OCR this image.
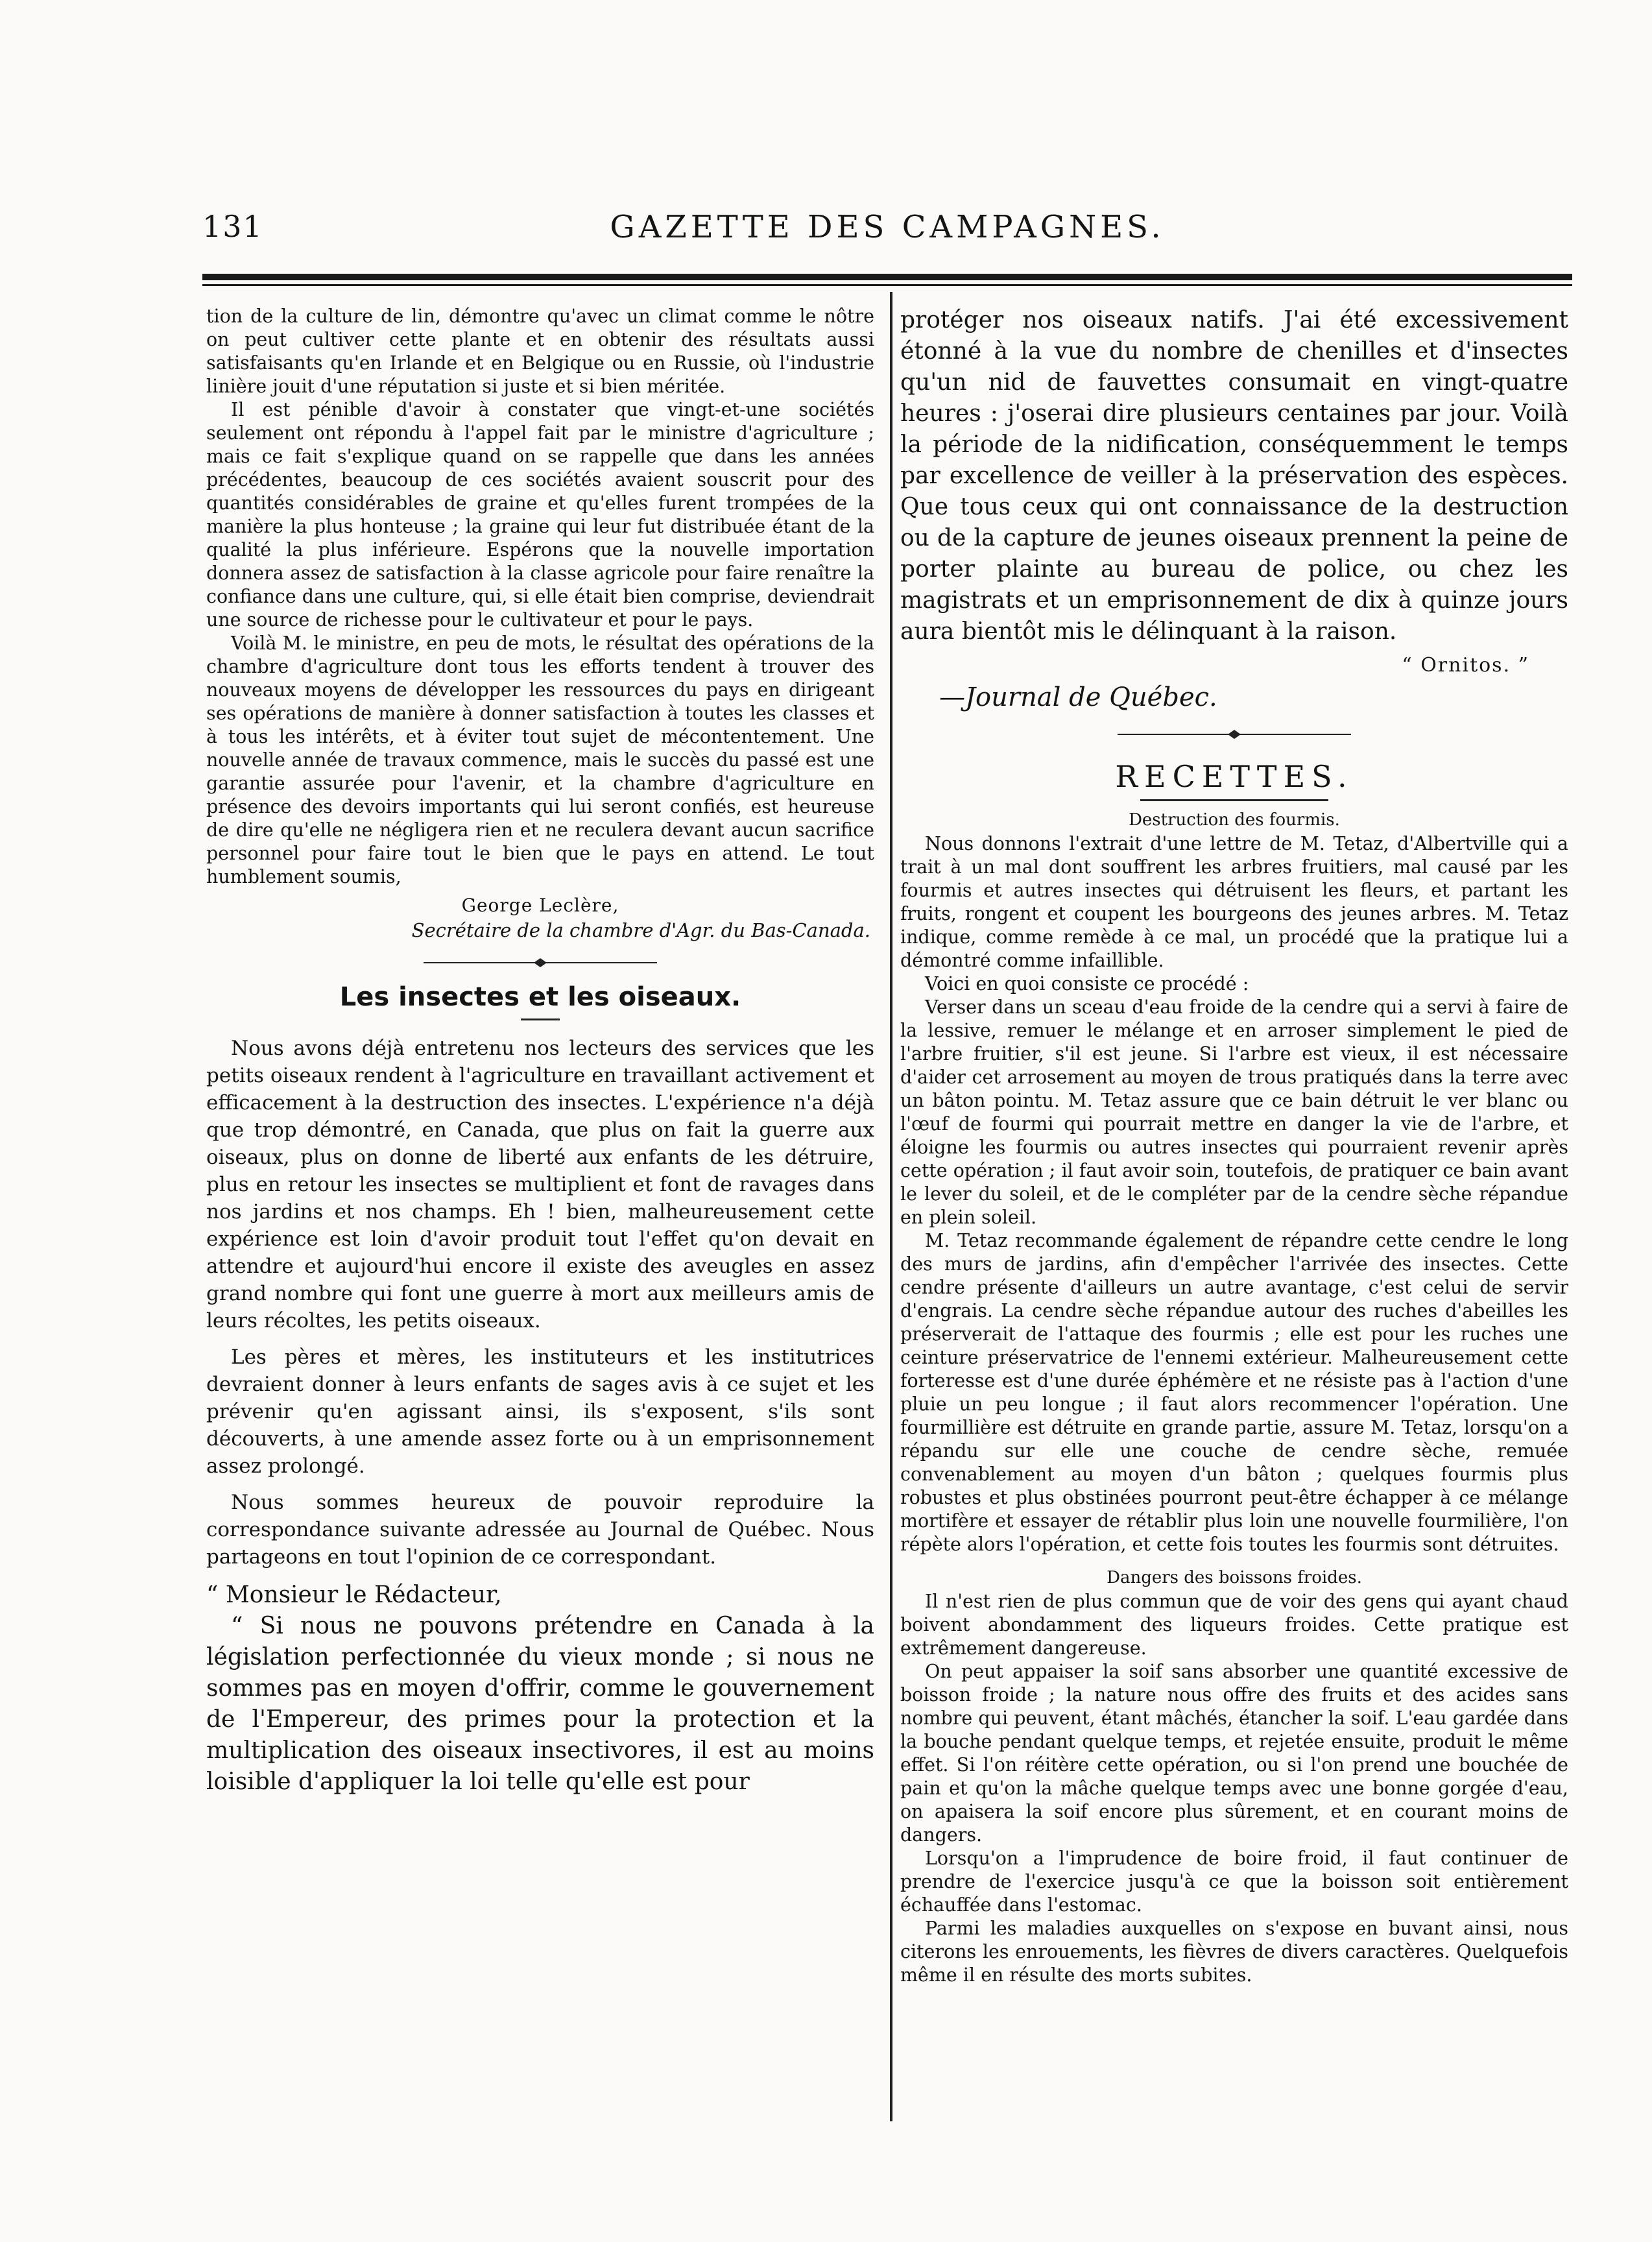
131	GAZETTE DES CAMPAGNES.

tion de la culture de lin, démontre qu'avec un climat comme le nôtre on peut cultiver cette plante et en obtenir des résultats aussi satisfaisants qu'en Irlande et en Belgique ou en Russie, où l'industrie linière jouit d'une réputation si juste et si bien méritée.

Il est pénible d'avoir à constater que vingt-et-une sociétés seulement ont répondu à l'appel fait par le ministre d'agriculture ; mais ce fait s'explique quand on se rappelle que dans les années précédentes, beaucoup de ces sociétés avaient souscrit pour des quantités considérables de graine et qu'elles furent trompées de la manière la plus honteuse ; la graine qui leur fut distribuée étant de la qualité la plus inférieure. Espérons que la nouvelle importation donnera assez de satisfaction à la classe agricole pour faire renaître la confiance dans une culture, qui, si elle était bien comprise, deviendrait une source de richesse pour le cultivateur et pour le pays.

Voilà M. le ministre, en peu de mots, le résultat des opérations de la chambre d'agriculture dont tous les efforts tendent à trouver des nouveaux moyens de développer les ressources du pays en dirigeant ses opérations de manière à donner satisfaction à toutes les classes et à tous les intérêts, et à éviter tout sujet de mécontentement. Une nouvelle année de travaux commence, mais le succès du passé est une garantie assurée pour l'avenir, et la chambre d'agriculture en présence des devoirs importants qui lui seront confiés, est heureuse de dire qu'elle ne négligera rien et ne reculera devant aucun sacrifice personnel pour faire tout le bien que le pays en attend. Le tout humblement soumis,

George Leclère,
Secrétaire de la chambre d'Agr. du Bas-Canada.
Les insectes et les oiseaux.

Nous avons déjà entretenu nos lecteurs des services que les petits oiseaux rendent à l'agriculture en travaillant activement et efficacement à la destruction des insectes. L'expérience n'a déjà que trop démontré, en Canada, que plus on fait la guerre aux oiseaux, plus on donne de liberté aux enfants de les détruire, plus en retour les insectes se multiplient et font de ravages dans nos jardins et nos champs. Eh ! bien, malheureusement cette expérience est loin d'avoir produit tout l'effet qu'on devait en attendre et aujourd'hui encore il existe des aveugles en assez grand nombre qui font une guerre à mort aux meilleurs amis de leurs récoltes, les petits oiseaux.

Les pères et mères, les instituteurs et les institutrices devraient donner à leurs enfants de sages avis à ce sujet et les prévenir qu'en agissant ainsi, ils s'exposent, s'ils sont découverts, à une amende assez forte ou à un emprisonnement assez prolongé.

Nous sommes heureux de pouvoir reproduire la correspondance suivante adressée au Journal de Québec. Nous partageons en tout l'opinion de ce correspondant.

“ Monsieur le Rédacteur,

“ Si nous ne pouvons prétendre en Canada à la législation perfectionnée du vieux monde ; si nous ne sommes pas en moyen d'offrir, comme le gouvernement de l'Empereur, des primes pour la protection et la multiplication des oiseaux insectivores, il est au moins loisible d'appliquer la loi telle qu'elle est pour

protéger nos oiseaux natifs. J'ai été excessivement étonné à la vue du nombre de chenilles et d'insectes qu'un nid de fauvettes consumait en vingt-quatre heures : j'oserai dire plusieurs centaines par jour. Voilà la période de la nidification, conséquemment le temps par excellence de veiller à la préservation des espèces. Que tous ceux qui ont connaissance de la destruction ou de la capture de jeunes oiseaux prennent la peine de porter plainte au bureau de police, ou chez les magistrats et un emprisonnement de dix à quinze jours aura bientôt mis le délinquant à la raison.

“ Ornitos. ”
—Journal de Québec.
RECETTES.
Destruction des fourmis.

Nous donnons l'extrait d'une lettre de M. Tetaz, d'Albertville qui a trait à un mal dont souffrent les arbres fruitiers, mal causé par les fourmis et autres insectes qui détruisent les fleurs, et partant les fruits, rongent et coupent les bourgeons des jeunes arbres. M. Tetaz indique, comme remède à ce mal, un procédé que la pratique lui a démontré comme infaillible.

Voici en quoi consiste ce procédé :

Verser dans un sceau d'eau froide de la cendre qui a servi à faire de la lessive, remuer le mélange et en arroser simplement le pied de l'arbre fruitier, s'il est jeune. Si l'arbre est vieux, il est nécessaire d'aider cet arrosement au moyen de trous pratiqués dans la terre avec un bâton pointu. M. Tetaz assure que ce bain détruit le ver blanc ou l'œuf de fourmi qui pourrait mettre en danger la vie de l'arbre, et éloigne les fourmis ou autres insectes qui pourraient revenir après cette opération ; il faut avoir soin, toutefois, de pratiquer ce bain avant le lever du soleil, et de le compléter par de la cendre sèche répandue en plein soleil.

M. Tetaz recommande également de répandre cette cendre le long des murs de jardins, afin d'empêcher l'arrivée des insectes. Cette cendre présente d'ailleurs un autre avantage, c'est celui de servir d'engrais. La cendre sèche répandue autour des ruches d'abeilles les préserverait de l'attaque des fourmis ; elle est pour les ruches une ceinture préservatrice de l'ennemi extérieur. Malheureusement cette forteresse est d'une durée éphémère et ne résiste pas à l'action d'une pluie un peu longue ; il faut alors recommencer l'opération. Une fourmillière est détruite en grande partie, assure M. Tetaz, lorsqu'on a répandu sur elle une couche de cendre sèche, remuée convenablement au moyen d'un bâton ; quelques fourmis plus robustes et plus obstinées pourront peut-être échapper à ce mélange mortifère et essayer de rétablir plus loin une nouvelle fourmilière, l'on répète alors l'opération, et cette fois toutes les fourmis sont détruites.

Dangers des boissons froides.

Il n'est rien de plus commun que de voir des gens qui ayant chaud boivent abondamment des liqueurs froides. Cette pratique est extrêmement dangereuse.

On peut appaiser la soif sans absorber une quantité excessive de boisson froide ; la nature nous offre des fruits et des acides sans nombre qui peuvent, étant mâchés, étancher la soif. L'eau gardée dans la bouche pendant quelque temps, et rejetée ensuite, produit le même effet. Si l'on réitère cette opération, ou si l'on prend une bouchée de pain et qu'on la mâche quelque temps avec une bonne gorgée d'eau, on apaisera la soif encore plus sûrement, et en courant moins de dangers.

Lorsqu'on a l'imprudence de boire froid, il faut continuer de prendre de l'exercice jusqu'à ce que la boisson soit entièrement échauffée dans l'estomac.

Parmi les maladies auxquelles on s'expose en buvant ainsi, nous citerons les enrouements, les fièvres de divers caractères. Quelquefois même il en résulte des morts subites.
